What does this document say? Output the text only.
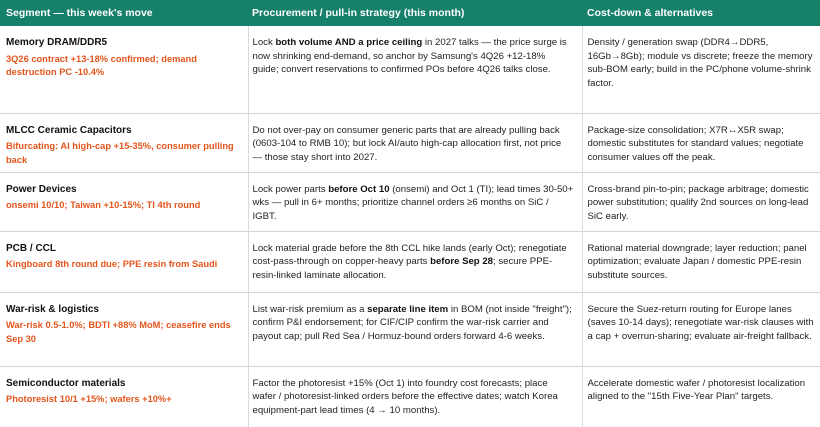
Segment — this week's move	Procurement / pull-in strategy (this month)	Cost-down & alternatives

Memory DRAM/DDR5
3Q26 contract +13-18% confirmed; demand destruction PC -10.4%	Lock both volume AND a price ceiling in 2027 talks — the price surge is now shrinking end-demand, so anchor by Samsung's 4Q26 +12-18% guide; convert reservations to confirmed POs before 4Q26 talks close.	Density / generation swap (DDR4→DDR5, 16Gb→8Gb); module vs discrete; freeze the memory sub-BOM early; build in the PC/phone volume-shrink factor.

MLCC Ceramic Capacitors
Bifurcating: AI high-cap +15-35%, consumer pulling back	Do not over-pay on consumer generic parts that are already pulling back (0603-104 to RMB 10); but lock AI/auto high-cap allocation first, not price — those stay short into 2027.	Package-size consolidation; X7R↔X5R swap; domestic substitutes for standard values; negotiate consumer values off the peak.

Power Devices
onsemi 10/10; Taiwan +10-15%; TI 4th round	Lock power parts before Oct 10 (onsemi) and Oct 1 (TI); lead times 30-50+ wks — pull in 6+ months; prioritize channel orders ≥6 months on SiC / IGBT.	Cross-brand pin-to-pin; package arbitrage; domestic power substitution; qualify 2nd sources on long-lead SiC early.

PCB / CCL
Kingboard 8th round due; PPE resin from Saudi	Lock material grade before the 8th CCL hike lands (early Oct); renegotiate cost-pass-through on copper-heavy parts before Sep 28; secure PPE-resin-linked laminate allocation.	Rational material downgrade; layer reduction; panel optimization; evaluate Japan / domestic PPE-resin substitute sources.

War-risk & logistics
War-risk 0.5-1.0%; BDTI +88% MoM; ceasefire ends Sep 30	List war-risk premium as a separate line item in BOM (not inside "freight"); confirm P&I endorsement; for CIF/CIP confirm the war-risk carrier and payout cap; pull Red Sea / Hormuz-bound orders forward 4-6 weeks.	Secure the Suez-return routing for Europe lanes (saves 10-14 days); renegotiate war-risk clauses with a cap + overrun-sharing; evaluate air-freight fallback.

Semiconductor materials
Photoresist 10/1 +15%; wafers +10%+	Factor the photoresist +15% (Oct 1) into foundry cost forecasts; place wafer / photoresist-linked orders before the effective dates; watch Korea equipment-part lead times (4 → 10 months).	Accelerate domestic wafer / photoresist localization aligned to the "15th Five-Year Plan" targets.
